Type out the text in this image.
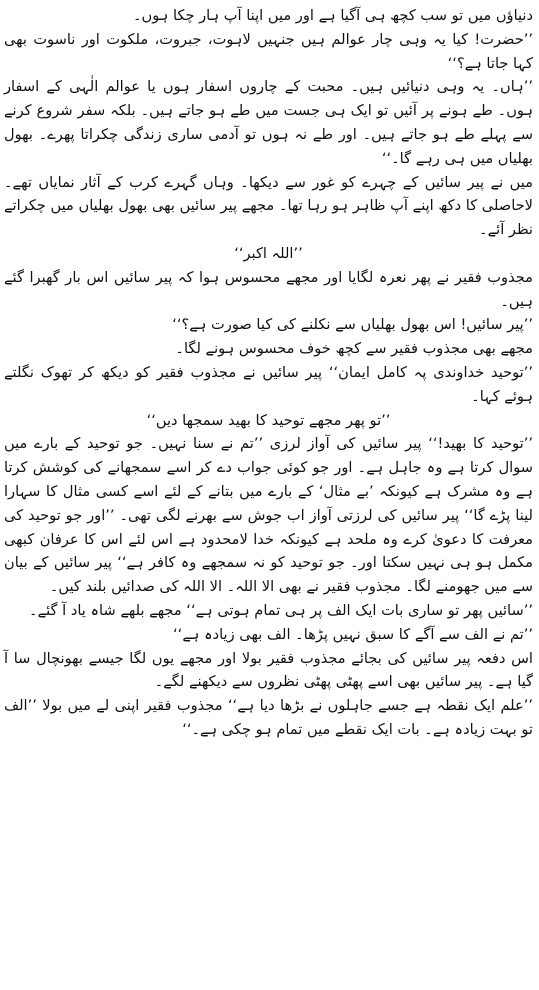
دنیاؤں میں تو سب کچھ ہی آگیا ہے اور میں اپنا آپ ہار چکا ہوں۔

’’حضرت! کیا یہ وہی چار عوالم ہیں جنہیں لاہوت، جبروت، ملکوت اور ناسوت بھی کہا جاتا ہے؟‘‘

’’ہاں۔ یہ وہی دنیائیں ہیں۔ محبت کے چاروں اسفار ہوں یا عوالم الٰہی کے اسفار ہوں۔ طے ہونے پر آئیں تو ایک ہی جست میں طے ہو جاتے ہیں۔ بلکہ سفر شروع کرنے سے پہلے طے ہو جاتے ہیں۔ اور طے نہ ہوں تو آدمی ساری زندگی چکراتا پھرے۔ بھول بھلیاں میں ہی رہے گا۔‘‘

میں نے پیر سائیں کے چہرے کو غور سے دیکھا۔ وہاں گہرے کرب کے آثار نمایاں تھے۔ لاحاصلی کا دکھ اپنے آپ ظاہر ہو رہا تھا۔ مجھے پیر سائیں بھی بھول بھلیاں میں چکراتے نظر آئے۔

’’اللہ اکبر‘‘

مجذوب فقیر نے پھر نعرہ لگایا اور مجھے محسوس ہوا کہ پیر سائیں اس بار گھبرا گئے ہیں۔

’’پیر سائیں! اس بھول بھلیاں سے نکلنے کی کیا صورت ہے؟‘‘

مجھے بھی مجذوب فقیر سے کچھ خوف محسوس ہونے لگا۔

’’توحید خداوندی پہ کامل ایمان‘‘ پیر سائیں نے مجذوب فقیر کو دیکھ کر تھوک نگلتے ہوئے کہا۔

’’تو پھر مجھے توحید کا بھید سمجھا دیں‘‘

’’توحید کا بھید!‘‘ پیر سائیں کی آواز لرزی ’’تم نے سنا نہیں۔ جو توحید کے بارے میں سوال کرتا ہے وہ جاہل ہے۔ اور جو کوئی جواب دے کر اسے سمجھانے کی کوشش کرتا ہے وہ مشرک ہے کیونکہ ’بے مثال‘ کے بارے میں بتانے کے لئے اسے کسی مثال کا سہارا لینا پڑے گا‘‘ پیر سائیں کی لرزتی آواز اب جوش سے بھرنے لگی تھی۔ ’’اور جو توحید کی معرفت کا دعویٰ کرے وہ ملحد ہے کیونکہ خدا لامحدود ہے اس لئے اس کا عرفان کبھی مکمل ہو ہی نہیں سکتا اور۔ جو توحید کو نہ سمجھے وہ کافر ہے‘‘ پیر سائیں کے بیان سے میں جھومنے لگا۔ مجذوب فقیر نے بھی الا اللہ۔ الا اللہ کی صدائیں بلند کیں۔

’’سائیں پھر تو ساری بات ایک الف پر ہی تمام ہوتی ہے‘‘ مجھے بلھے شاہ یاد آ گئے۔

’’تم نے الف سے آگے کا سبق نہیں پڑھا۔ الف بھی زیادہ ہے‘‘

اس دفعہ پیر سائیں کی بجائے مجذوب فقیر بولا اور مجھے یوں لگا جیسے بھونچال سا آ گیا ہے۔ پیر سائیں بھی اسے پھٹی پھٹی نظروں سے دیکھنے لگے۔

’’علم ایک نقطہ ہے جسے جاہلوں نے بڑھا دیا ہے‘‘ مجذوب فقیر اپنی لے میں بولا ’’الف تو بہت زیادہ ہے۔ بات ایک نقطے میں تمام ہو چکی ہے۔‘‘
